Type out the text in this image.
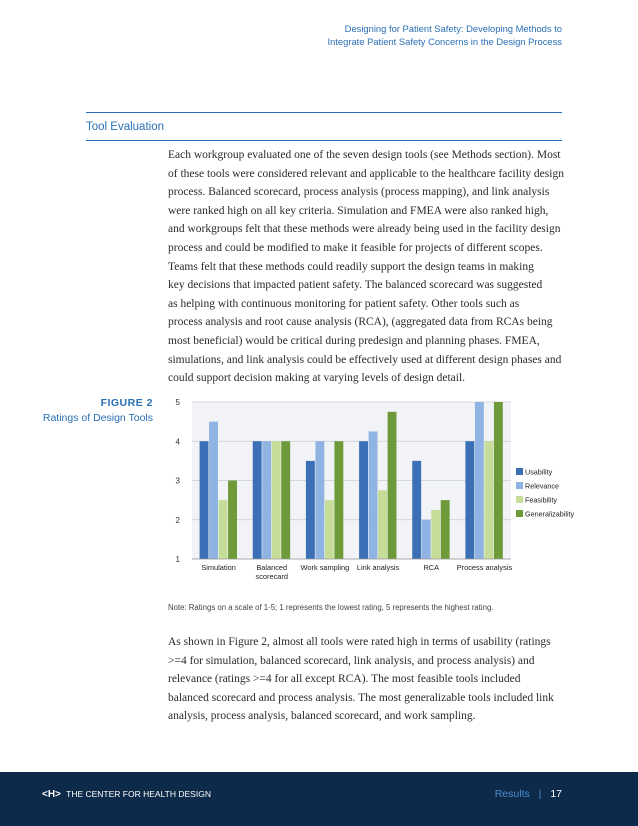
Designing for Patient Safety: Developing Methods to
Integrate Patient Safety Concerns in the Design Process
Tool Evaluation
Each workgroup evaluated one of the seven design tools (see Methods section). Most
of these tools were considered relevant and applicable to the healthcare facility design
process. Balanced scorecard, process analysis (process mapping), and link analysis
were ranked high on all key criteria. Simulation and FMEA were also ranked high,
and workgroups felt that these methods were already being used in the facility design
process and could be modified to make it feasible for projects of different scopes.
Teams felt that these methods could readily support the design teams in making
key decisions that impacted patient safety. The balanced scorecard was suggested
as helping with continuous monitoring for patient safety. Other tools such as
process analysis and root cause analysis (RCA), (aggregated data from RCAs being
most beneficial) would be critical during predesign and planning phases. FMEA,
simulations, and link analysis could be effectively used at different design phases and
could support decision making at varying levels of design detail.
FIGURE 2
Ratings of Design Tools
1
2
3
4
5
Simulation	Balanced
scorecard
Work sampling Link analysis	RCA Process analysis
Usability
Relevance
Feasibility
Generalizability
Note: Ratings on a scale of 1-5; 1 represents the lowest rating, 5 represents the highest rating.
As shown in Figure 2, almost all tools were rated high in terms of usability (ratings
>=4 for simulation, balanced scorecard, link analysis, and process analysis) and
relevance (ratings >=4 for all except RCA). The most feasible tools included
balanced scorecard and process analysis. The most generalizable tools included link
analysis, process analysis, balanced scorecard, and work sampling.
<H> THE CENTER FOR HEALTH DESIGN	Results | 17
